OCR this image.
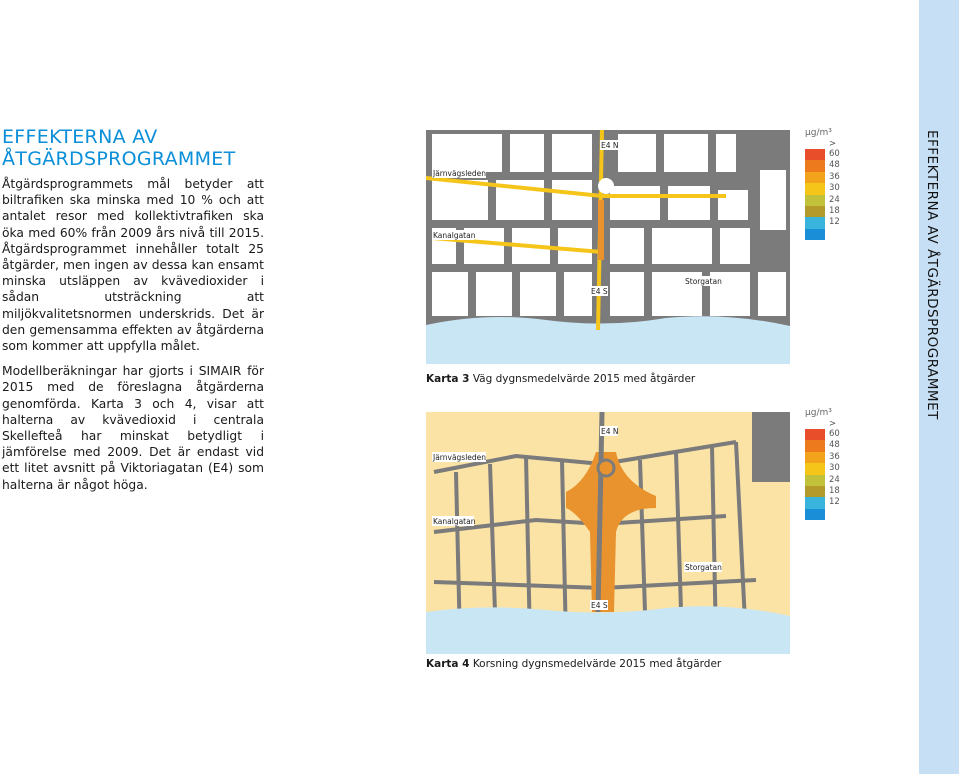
EFFEKTERNA AV ÅTGÄRDSPROGRAMMET

Åtgärdsprogrammets mål betyder att biltrafiken ska minska med 10 % och att antalet resor med kollektivtrafiken ska öka med 60% från 2009 års nivå till 2015. Åtgärdsprogrammet innehåller totalt 25 åtgärder, men ingen av dessa kan ensamt minska utsläppen av kvävedioxider i sådan utsträckning att miljökvalitetsnormen underskrids. Det är den gemensamma effekten av åtgärderna som kommer att uppfylla målet.

Modellberäkningar har gjorts i SIMAIR för 2015 med de föreslagna åtgärderna genomförda. Karta 3 och 4, visar att halterna av kvävedioxid i centrala Skellefteå har minskat betydligt i jämförelse med 2009. Det är endast vid ett litet avsnitt på Viktoriagatan (E4) som halterna är något höga.

E4 N
Järnvägsleden
Kanalgatan
E4 S
Storgatan
Karta 3 Väg dygnsmedelvärde 2015 med åtgärder
E4 N
Järnvägsleden
Kanalgatan
E4 S
Storgatan
Karta 4 Korsning dygnsmedelvärde 2015 med åtgärder
µg/m³
>
60
48
36
30
24
18
12
µg/m³
>
60
48
36
30
24
18
12
EFFEKTERNA AV ÅTGÄRDSPROGRAMMET
